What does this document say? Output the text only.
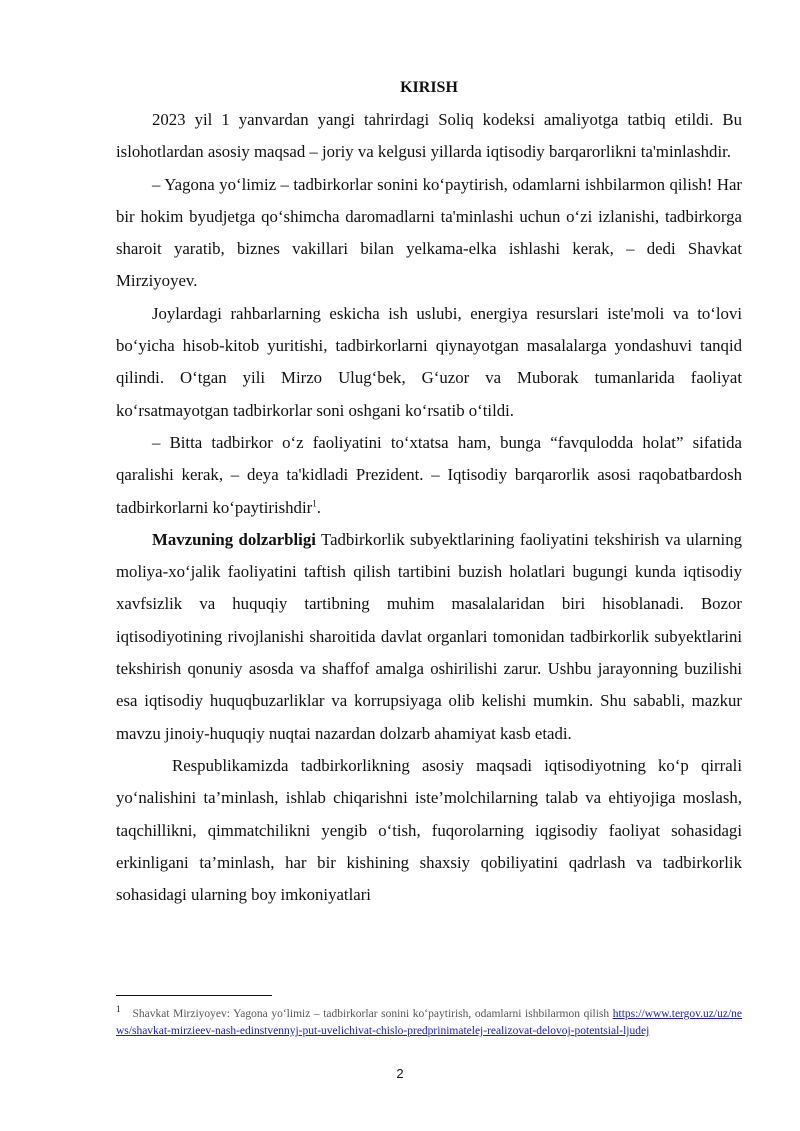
KIRISH

2023 yil 1 yanvardan yangi tahrirdagi Soliq kodeksi amaliyotga tatbiq etildi. Bu islohotlardan asosiy maqsad – joriy va kelgusi yillarda iqtisodiy barqarorlikni ta'minlashdir.

– Yagona yo‘limiz – tadbirkorlar sonini ko‘paytirish, odamlarni ishbilarmon qilish! Har bir hokim byudjetga qo‘shimcha daromadlarni ta'minlashi uchun o‘zi izlanishi, tadbirkorga sharoit yaratib, biznes vakillari bilan yelkama-elka ishlashi kerak, – dedi Shavkat Mirziyoyev.

Joylardagi rahbarlarning eskicha ish uslubi, energiya resurslari iste'moli va to‘lovi bo‘yicha hisob-kitob yuritishi, tadbirkorlarni qiynayotgan masalalarga yondashuvi tanqid qilindi. O‘tgan yili Mirzo Ulug‘bek, G‘uzor va Muborak tumanlarida faoliyat ko‘rsatmayotgan tadbirkorlar soni oshgani ko‘rsatib o‘tildi.

– Bitta tadbirkor o‘z faoliyatini to‘xtatsa ham, bunga “favqulodda holat” sifatida qaralishi kerak, – deya ta'kidladi Prezident. – Iqtisodiy barqarorlik asosi raqobatbardosh tadbirkorlarni ko‘paytirishdir$^1$.

Mavzuning dolzarbligi Tadbirkorlik subyektlarining faoliyatini tekshirish va ularning moliya-xo‘jalik faoliyatini taftish qilish tartibini buzish holatlari bugungi kunda iqtisodiy xavfsizlik va huquqiy tartibning muhim masalalaridan biri hisoblanadi. Bozor iqtisodiyotining rivojlanishi sharoitida davlat organlari tomonidan tadbirkorlik subyektlarini tekshirish qonuniy asosda va shaffof amalga oshirilishi zarur. Ushbu jarayonning buzilishi esa iqtisodiy huquqbuzarliklar va korrupsiyaga olib kelishi mumkin. Shu sababli, mazkur mavzu jinoiy-huquqiy nuqtai nazardan dolzarb ahamiyat kasb etadi.

Respublikamizda tadbirkorlikning asosiy maqsadi iqtisodiyotning ko‘p qirrali yo‘nalishini ta’minlash, ishlab chiqarishni iste’molchilarning talab va ehtiyojiga moslash, taqchillikni, qimmatchilikni yengib o‘tish, fuqorolarning iqgisodiy faoliyat sohasidagi erkinligani ta’minlash, har bir kishining shaxsiy qobiliyatini qadrlash va tadbirkorlik sohasidagi ularning boy imkoniyatlari

$^1$ Shavkat Mirziyoyev: Yagona yo‘limiz – tadbirkorlar sonini ko‘paytirish, odamlarni ishbilarmon qilish https://www.tergov.uz/uz/news/shavkat-mirzieev-nash-edinstvennyj-put-uvelichivat-chislo-predprinimatelej-realizovat-delovoj-potentsial-ljudej
2
